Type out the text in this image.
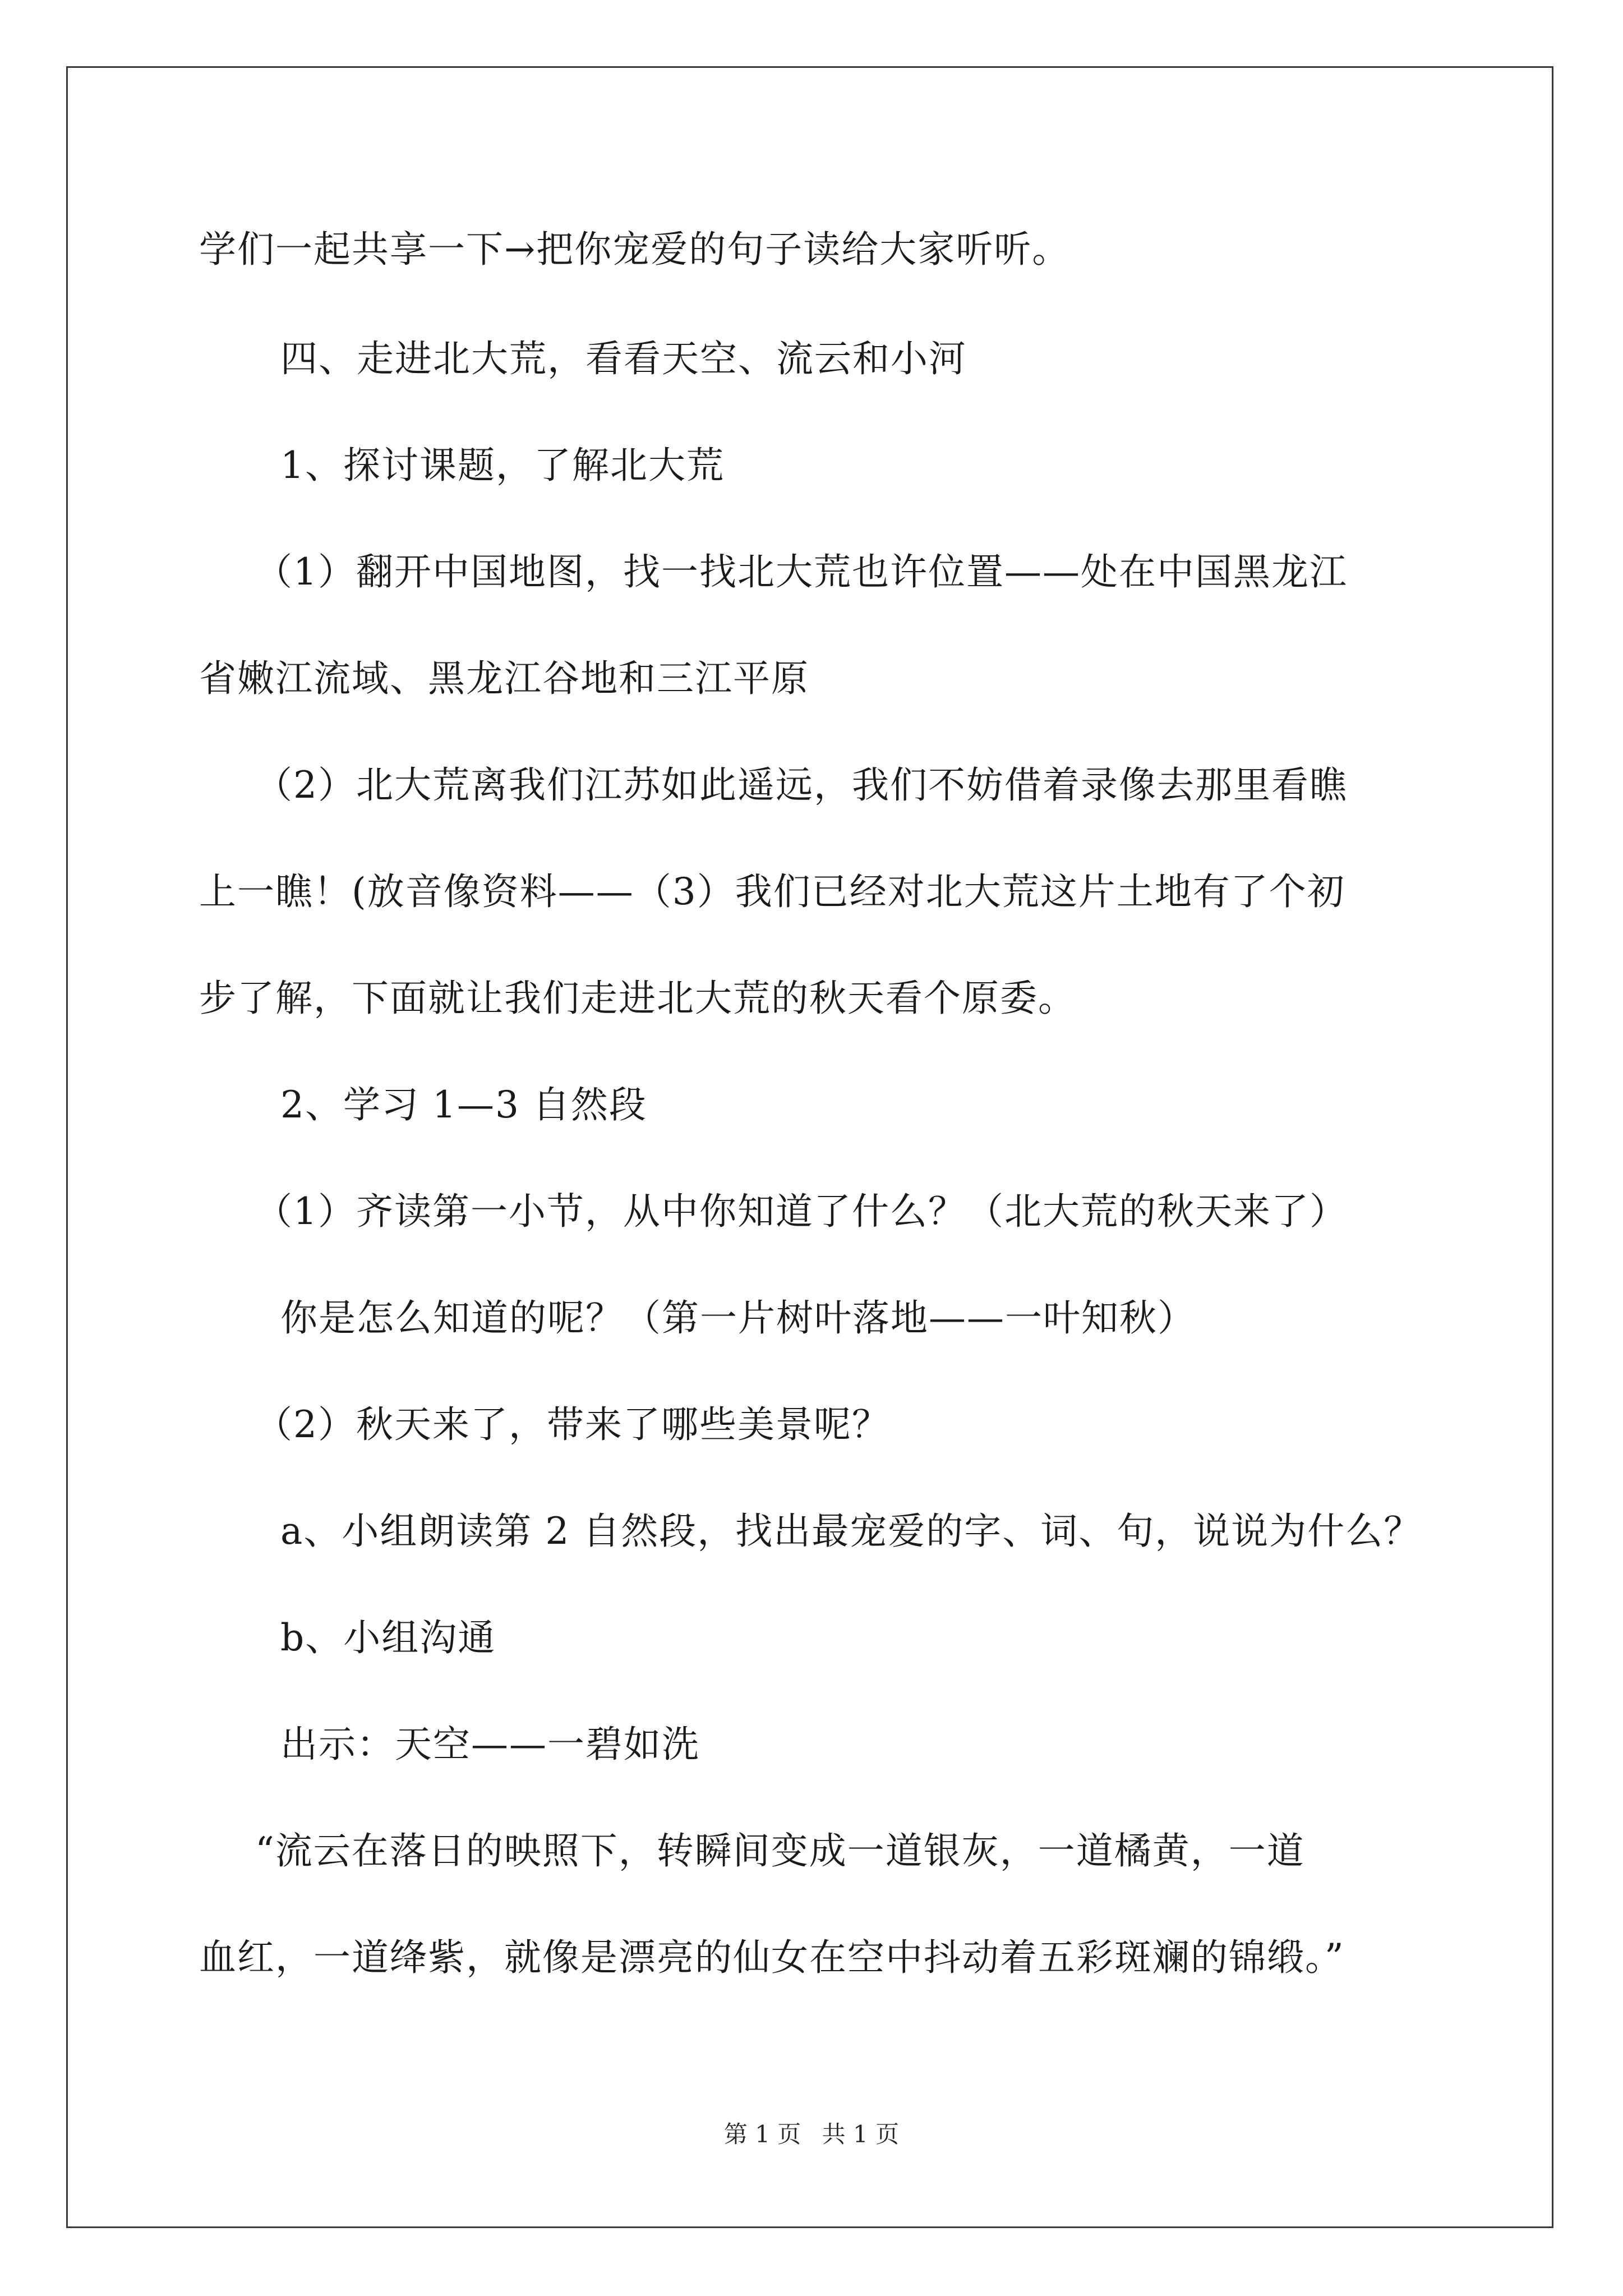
学们一起共享一下→把你宠爱的句子读给大家听听。
四、走进北大荒，看看天空、流云和小河
1、探讨课题，了解北大荒
（1）翻开中国地图，找一找北大荒也许位置——处在中国黑龙江
省嫩江流域、黑龙江谷地和三江平原
（2）北大荒离我们江苏如此遥远，我们不妨借着录像去那里看瞧
上一瞧！(放音像资料——（3）我们已经对北大荒这片土地有了个初
步了解，下面就让我们走进北大荒的秋天看个原委。
2、学习 1—3 自然段
（1）齐读第一小节，从中你知道了什么？（北大荒的秋天来了）
你是怎么知道的呢？（第一片树叶落地——一叶知秋）
（2）秋天来了，带来了哪些美景呢？
a、小组朗读第 2 自然段，找出最宠爱的字、词、句，说说为什么？
b、小组沟通
出示：天空——一碧如洗
“流云在落日的映照下，转瞬间变成一道银灰，一道橘黄，一道
血红，一道绛紫，就像是漂亮的仙女在空中抖动着五彩斑斓的锦缎。”
第 1 页 共 1 页
